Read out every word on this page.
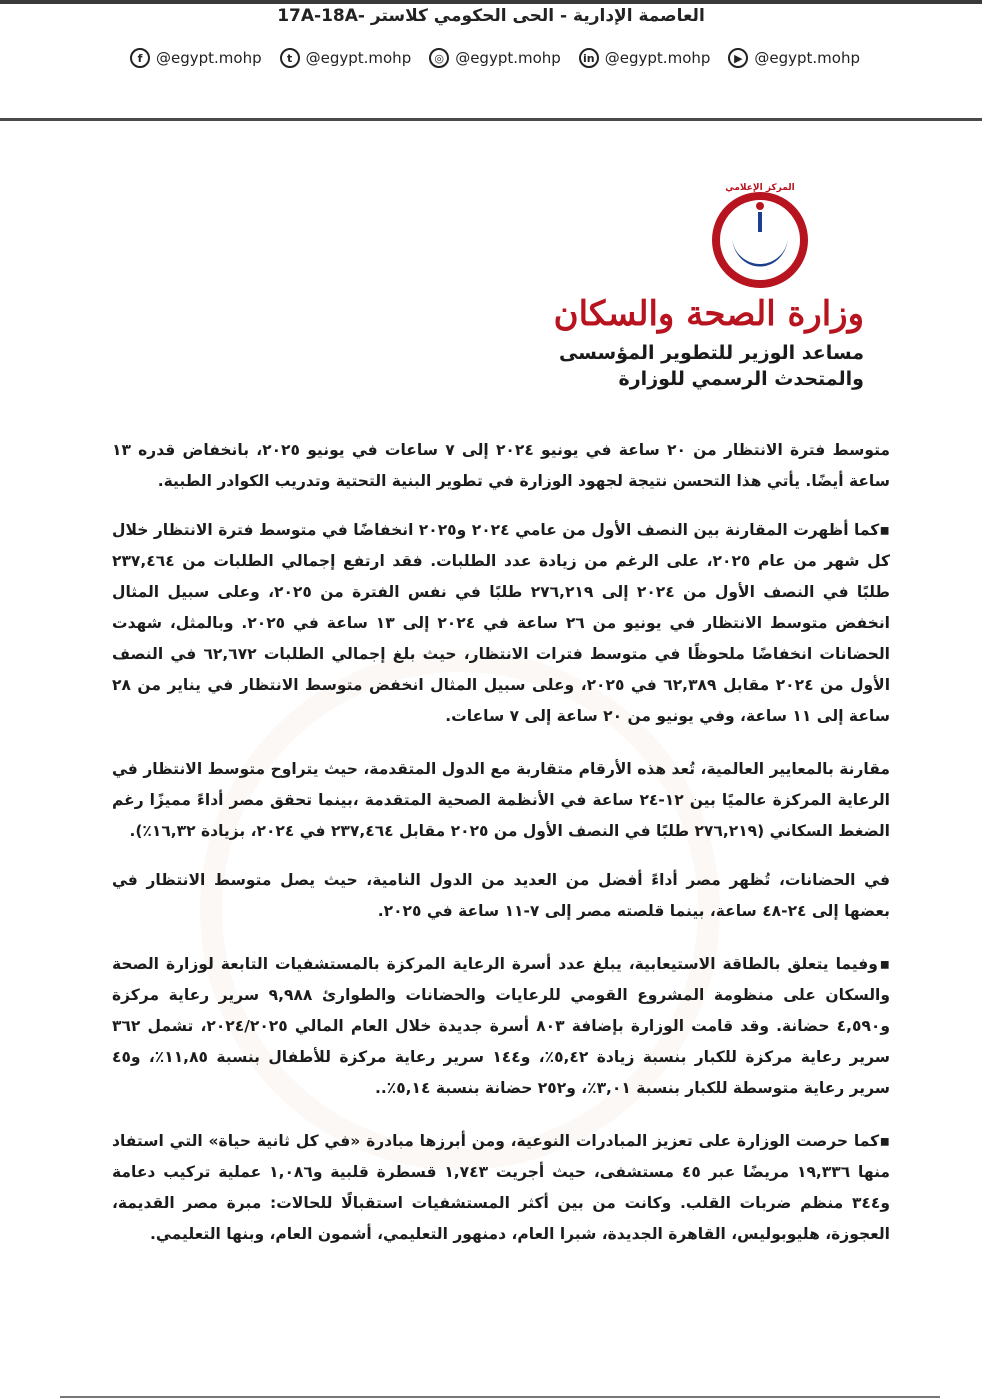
العاصمة الإدارية - الحى الحكومي كلاستر -17A-18A
f @egypt.mohp	t @egypt.mohp	◎ @egypt.mohp	in @egypt.mohp	▶ @egypt.mohp
المركز الإعلامي
وزارة الصحة والسكان
مساعد الوزير للتطوير المؤسسى
والمتحدث الرسمي للوزارة

متوسط فترة الانتظار من ٢٠ ساعة في يونيو ٢٠٢٤ إلى ٧ ساعات في يونيو ٢٠٢٥، بانخفاض قدره ١٣ ساعة أيضًا. يأتي هذا التحسن نتيجة لجهود الوزارة في تطوير البنية التحتية وتدريب الكوادر الطبية.

▪كما أظهرت المقارنة بين النصف الأول من عامي ٢٠٢٤ و٢٠٢٥ انخفاضًا في متوسط فترة الانتظار خلال كل شهر من عام ٢٠٢٥، على الرغم من زيادة عدد الطلبات. فقد ارتفع إجمالي الطلبات من ٢٣٧,٤٦٤ طلبًا في النصف الأول من ٢٠٢٤ إلى ٢٧٦,٢١٩ طلبًا في نفس الفترة من ٢٠٢٥، وعلى سبيل المثال انخفض متوسط الانتظار في يونيو من ٢٦ ساعة في ٢٠٢٤ إلى ١٣ ساعة في ٢٠٢٥. وبالمثل، شهدت الحضانات انخفاضًا ملحوظًا في متوسط فترات الانتظار، حيث بلغ إجمالي الطلبات ٦٢,٦٧٢ في النصف الأول من ٢٠٢٤ مقابل ٦٢,٣٨٩ في ٢٠٢٥، وعلى سبيل المثال انخفض متوسط الانتظار في يناير من ٢٨ ساعة إلى ١١ ساعة، وفي يونيو من ٢٠ ساعة إلى ٧ ساعات.

مقارنة بالمعايير العالمية، تُعد هذه الأرقام متقاربة مع الدول المتقدمة، حيث يتراوح متوسط الانتظار في الرعاية المركزة عالميًا بين ١٢-٢٤ ساعة في الأنظمة الصحية المتقدمة ،بينما تحقق مصر أداءً مميزًا رغم الضغط السكاني (٢٧٦,٢١٩ طلبًا في النصف الأول من ٢٠٢٥ مقابل ٢٣٧,٤٦٤ في ٢٠٢٤، بزيادة ١٦,٣٢٪).

في الحضانات، تُظهر مصر أداءً أفضل من العديد من الدول النامية، حيث يصل متوسط الانتظار في بعضها إلى ٢٤-٤٨ ساعة، بينما قلصته مصر إلى ٧-١١ ساعة في ٢٠٢٥.

▪وفيما يتعلق بالطاقة الاستيعابية، يبلغ عدد أسرة الرعاية المركزة بالمستشفيات التابعة لوزارة الصحة والسكان على منظومة المشروع القومي للرعايات والحضانات والطوارئ ٩,٩٨٨ سرير رعاية مركزة و٤,٥٩٠ حضانة. وقد قامت الوزارة بإضافة ٨٠٣ أسرة جديدة خلال العام المالي ٢٠٢٤/٢٠٢٥، تشمل ٣٦٢ سرير رعاية مركزة للكبار بنسبة زيادة ٥,٤٢٪، و١٤٤ سرير رعاية مركزة للأطفال بنسبة ١١,٨٥٪، و٤٥ سرير رعاية متوسطة للكبار بنسبة ٣,٠١٪، و٢٥٢ حضانة بنسبة ٥,١٤٪..

▪كما حرصت الوزارة على تعزيز المبادرات النوعية، ومن أبرزها مبادرة «في كل ثانية حياة» التي استفاد منها ١٩,٣٣٦ مريضًا عبر ٤٥ مستشفى، حيث أجريت ١,٧٤٣ قسطرة قلبية و١,٠٨٦ عملية تركيب دعامة و٣٤٤ منظم ضربات القلب. وكانت من بين أكثر المستشفيات استقبالًا للحالات: مبرة مصر القديمة، العجوزة، هليوبوليس، القاهرة الجديدة، شبرا العام، دمنهور التعليمي، أشمون العام، وبنها التعليمي.
